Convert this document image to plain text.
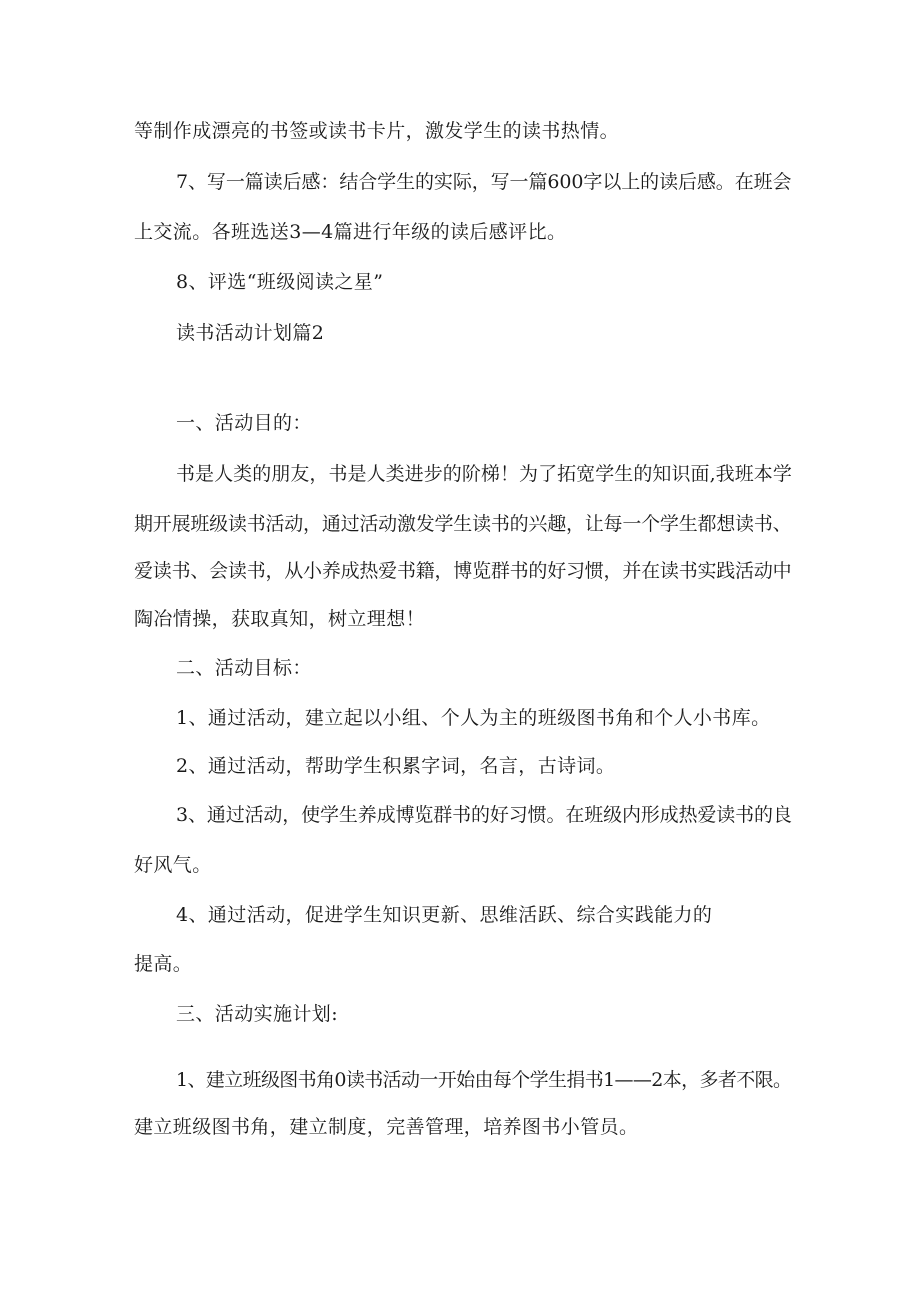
等制作成漂亮的书签或读书卡片，激发学生的读书热情。

7、写一篇读后感：结合学生的实际，写一篇600字以上的读后感。在班会

上交流。各班选送3—4篇进行年级的读后感评比。

8、评选“班级阅读之星”

读书活动计划篇2

一、活动目的：

书是人类的朋友，书是人类进步的阶梯！为了拓宽学生的知识面,我班本学

期开展班级读书活动，通过活动激发学生读书的兴趣，让每一个学生都想读书、

爱读书、会读书，从小养成热爱书籍，博览群书的好习惯，并在读书实践活动中

陶冶情操，获取真知，树立理想！

二、活动目标：

1、通过活动，建立起以小组、个人为主的班级图书角和个人小书库。

2、通过活动，帮助学生积累字词，名言，古诗词。

3、通过活动，使学生养成博览群书的好习惯。在班级内形成热爱读书的良

好风气。

4、通过活动，促进学生知识更新、思维活跃、综合实践能力的

提高。

三、活动实施计划:

1、建立班级图书角0读书活动一开始由每个学生捐书1——2本，多者不限。

建立班级图书角，建立制度，完善管理，培养图书小管员。
